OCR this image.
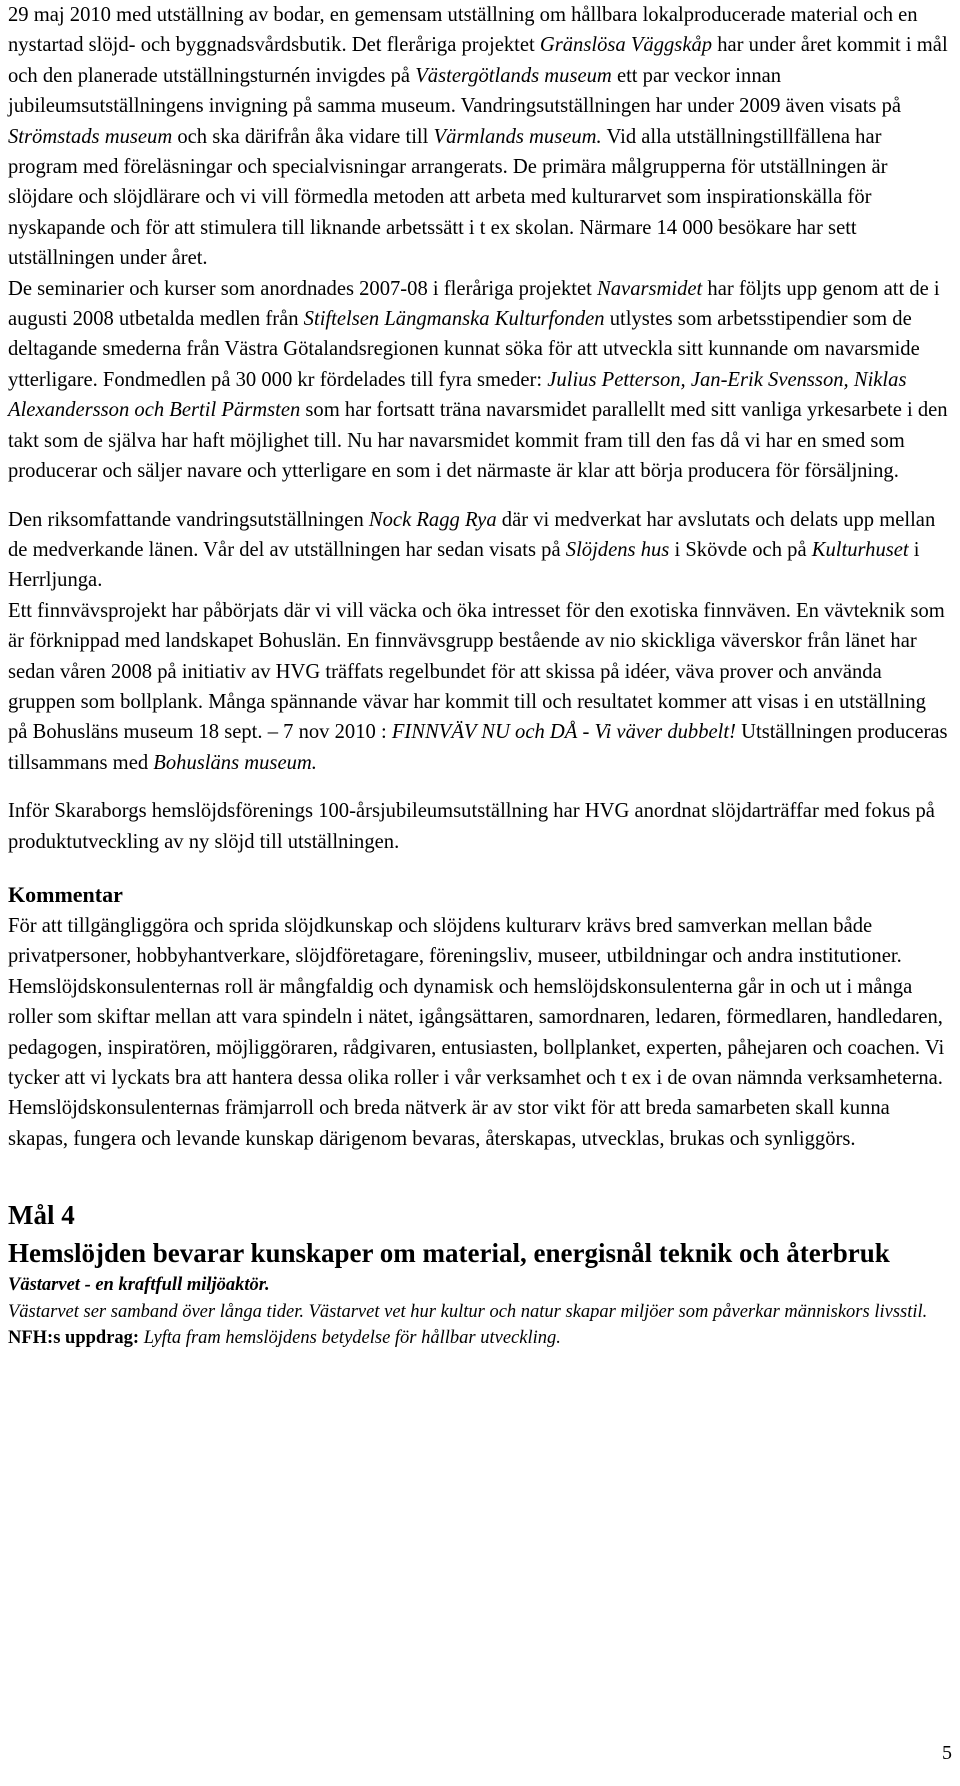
29 maj 2010 med utställning av bodar, en gemensam utställning om hållbara lokalproducerade material och en nystartad slöjd- och byggnadsvårdsbutik. Det fleråriga projektet Gränslösa Väggskåp har under året kommit i mål och den planerade utställningsturnén invigdes på Västergötlands museum ett par veckor innan jubileumsutställningens invigning på samma museum. Vandringsutställningen har under 2009 även visats på Strömstads museum och ska därifrån åka vidare till Värmlands museum. Vid alla utställningstillfällena har program med föreläsningar och specialvisningar arrangerats. De primära målgrupperna för utställningen är slöjdare och slöjdlärare och vi vill förmedla metoden att arbeta med kulturarvet som inspirationskälla för nyskapande och för att stimulera till liknande arbetssätt i t ex skolan. Närmare 14 000 besökare har sett utställningen under året.

De seminarier och kurser som anordnades 2007-08 i fleråriga projektet Navarsmidet har följts upp genom att de i augusti 2008 utbetalda medlen från Stiftelsen Längmanska Kulturfonden utlystes som arbetsstipendier som de deltagande smederna från Västra Götalandsregionen kunnat söka för att utveckla sitt kunnande om navarsmide ytterligare. Fondmedlen på 30 000 kr fördelades till fyra smeder: Julius Petterson, Jan-Erik Svensson, Niklas Alexandersson och Bertil Pärmsten som har fortsatt träna navarsmidet parallellt med sitt vanliga yrkesarbete i den takt som de själva har haft möjlighet till. Nu har navarsmidet kommit fram till den fas då vi har en smed som producerar och säljer navare och ytterligare en som i det närmaste är klar att börja producera för försäljning.

Den riksomfattande vandringsutställningen Nock Ragg Rya där vi medverkat har avslutats och delats upp mellan de medverkande länen. Vår del av utställningen har sedan visats på Slöjdens hus i Skövde och på Kulturhuset i Herrljunga.

Ett finnvävsprojekt har påbörjats där vi vill väcka och öka intresset för den exotiska finnväven. En vävteknik som är förknippad med landskapet Bohuslän. En finnvävsgrupp bestående av nio skickliga väverskor från länet har sedan våren 2008 på initiativ av HVG träffats regelbundet för att skissa på idéer, väva prover och använda gruppen som bollplank. Många spännande vävar har kommit till och resultatet kommer att visas i en utställning på Bohusläns museum 18 sept. – 7 nov 2010 : FINNVÄV NU och DÅ - Vi väver dubbelt! Utställningen produceras tillsammans med Bohusläns museum.

Inför Skaraborgs hemslöjdsförenings 100-årsjubileumsutställning har HVG anordnat slöjdarträffar med fokus på produktutveckling av ny slöjd till utställningen.

Kommentar

För att tillgängliggöra och sprida slöjdkunskap och slöjdens kulturarv krävs bred samverkan mellan både privatpersoner, hobbyhantverkare, slöjdföretagare, föreningsliv, museer, utbildningar och andra institutioner. Hemslöjdskonsulenternas roll är mångfaldig och dynamisk och hemslöjdskonsulenterna går in och ut i många roller som skiftar mellan att vara spindeln i nätet, igångsättaren, samordnaren, ledaren, förmedlaren, handledaren, pedagogen, inspiratören, möjliggöraren, rådgivaren, entusiasten, bollplanket, experten, påhejaren och coachen. Vi tycker att vi lyckats bra att hantera dessa olika roller i vår verksamhet och t ex i de ovan nämnda verksamheterna. Hemslöjdskonsulenternas främjarroll och breda nätverk är av stor vikt för att breda samarbeten skall kunna skapas, fungera och levande kunskap därigenom bevaras, återskapas, utvecklas, brukas och synliggörs.

Mål 4

Hemslöjden bevarar kunskaper om material, energisnål teknik och återbruk

Västarvet - en kraftfull miljöaktör.

Västarvet ser samband över långa tider. Västarvet vet hur kultur och natur skapar miljöer som påverkar människors livsstil.

NFH:s uppdrag: Lyfta fram hemslöjdens betydelse för hållbar utveckling.

5
